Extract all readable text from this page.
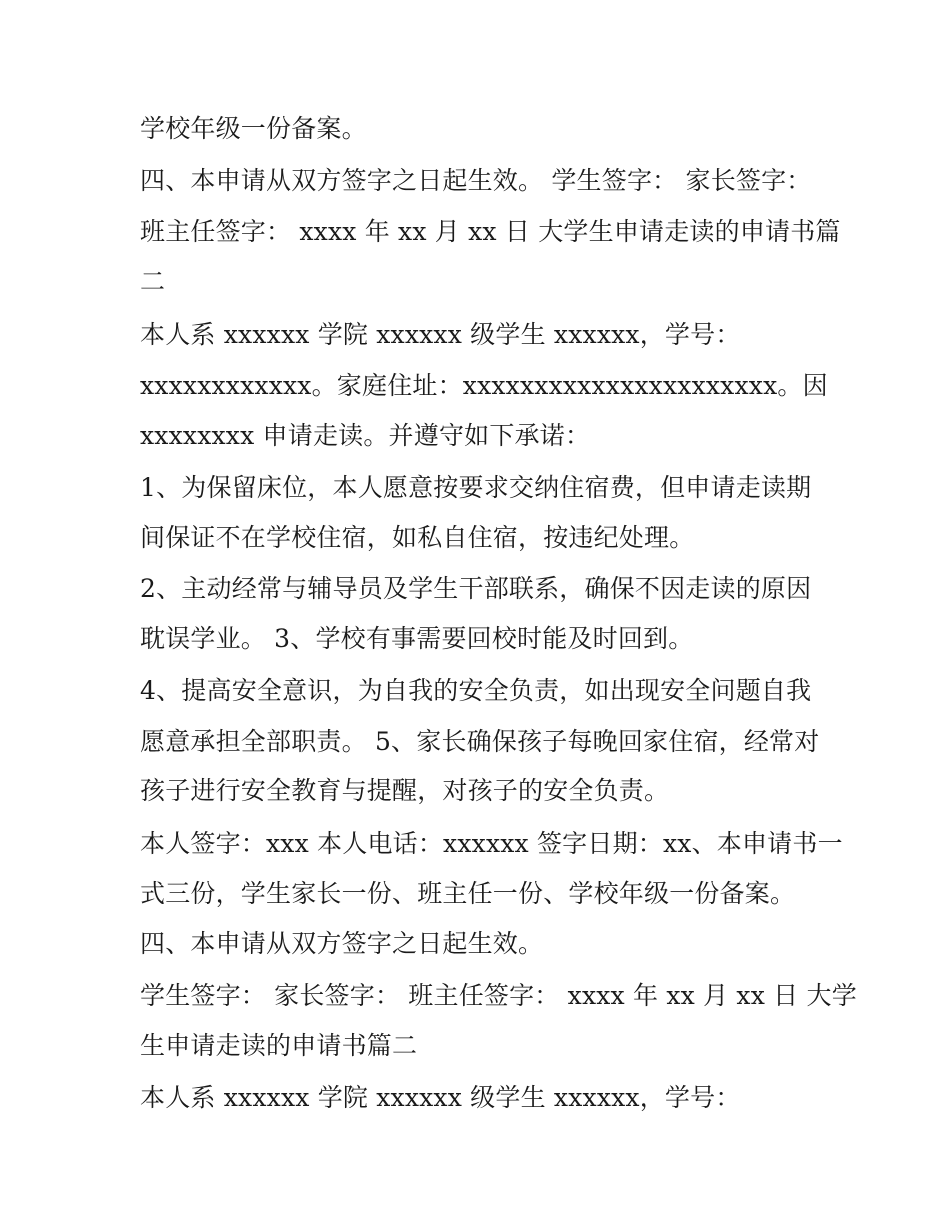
学校年级一份备案。

四、本申请从双方签字之日起生效。 学生签字： 家长签字：

班主任签字： xxxx 年 xx 月 xx 日 大学生申请走读的申请书篇

二

本人系 xxxxxx 学院 xxxxxx 级学生 xxxxxx，学号：

xxxxxxxxxxxx。家庭住址：xxxxxxxxxxxxxxxxxxxxxx。因

xxxxxxxx 申请走读。并遵守如下承诺：

1、为保留床位，本人愿意按要求交纳住宿费，但申请走读期

间保证不在学校住宿，如私自住宿，按违纪处理。

2、主动经常与辅导员及学生干部联系，确保不因走读的原因

耽误学业。 3、学校有事需要回校时能及时回到。

4、提高安全意识，为自我的安全负责，如出现安全问题自我

愿意承担全部职责。 5、家长确保孩子每晚回家住宿，经常对

孩子进行安全教育与提醒，对孩子的安全负责。

本人签字：xxx 本人电话：xxxxxx 签字日期：xx、本申请书一

式三份，学生家长一份、班主任一份、学校年级一份备案。

四、本申请从双方签字之日起生效。

学生签字： 家长签字： 班主任签字： xxxx 年 xx 月 xx 日 大学

生申请走读的申请书篇二

本人系 xxxxxx 学院 xxxxxx 级学生 xxxxxx，学号：
